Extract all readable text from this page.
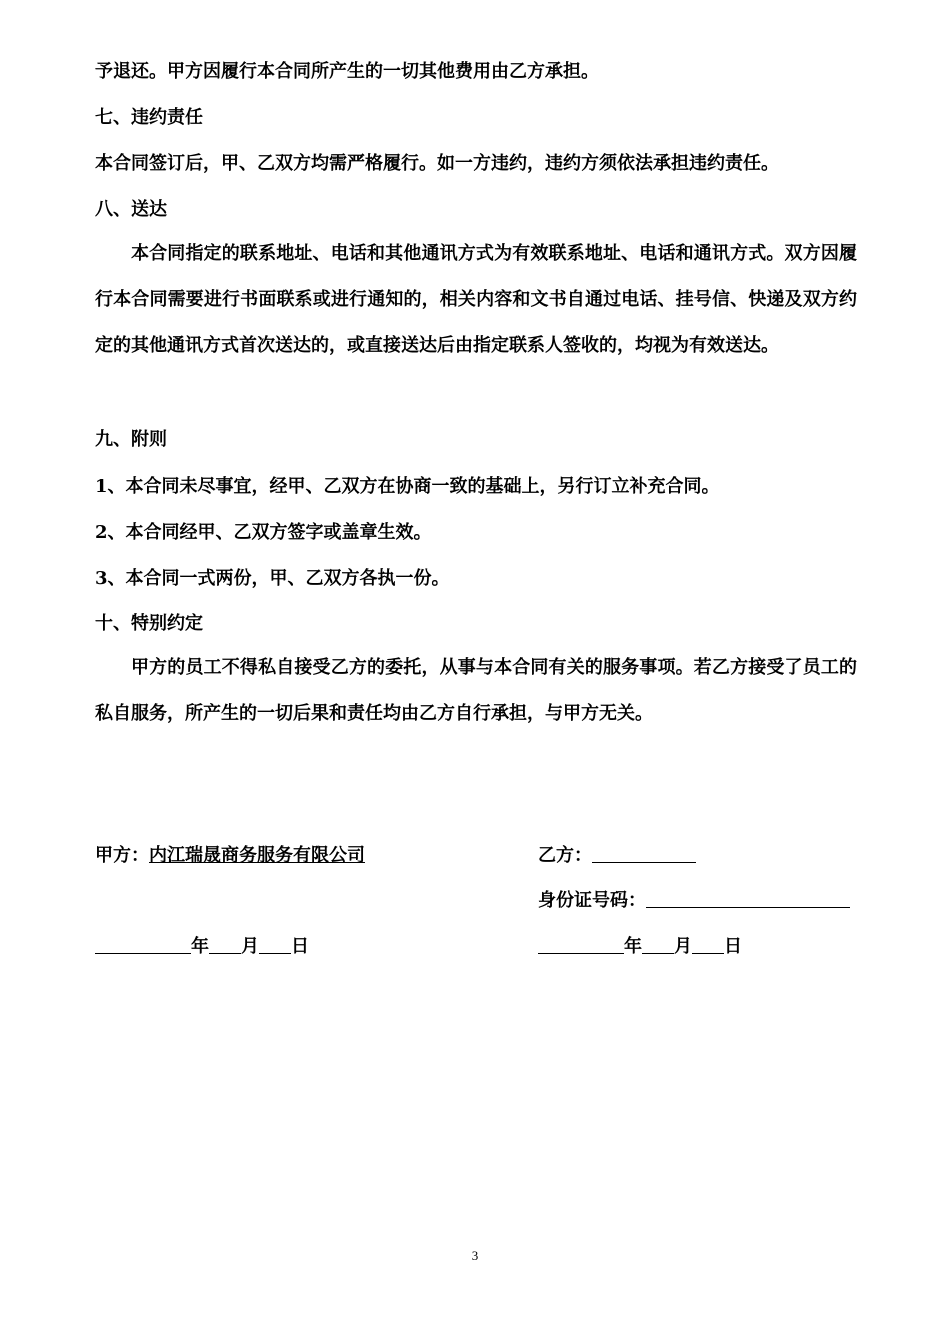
予退还。甲方因履行本合同所产生的一切其他费用由乙方承担。
七、违约责任
本合同签订后，甲、乙双方均需严格履行。如一方违约，违约方须依法承担违约责任。
八、送达
本合同指定的联系地址、电话和其他通讯方式为有效联系地址、电话和通讯方式。双方因履行本合同需要进行书面联系或进行通知的，相关内容和文书自通过电话、挂号信、快递及双方约定的其他通讯方式首次送达的，或直接送达后由指定联系人签收的，均视为有效送达。
九、附则
1、本合同未尽事宜，经甲、乙双方在协商一致的基础上，另行订立补充合同。
2、本合同经甲、乙双方签字或盖章生效。
3、本合同一式两份，甲、乙双方各执一份。
十、特别约定
甲方的员工不得私自接受乙方的委托，从事与本合同有关的服务事项。若乙方接受了员工的私自服务，所产生的一切后果和责任均由乙方自行承担，与甲方无关。
甲方：内江瑞晟商务服务有限公司	乙方：
身份证号码：
年 月 日	年 月 日
3
